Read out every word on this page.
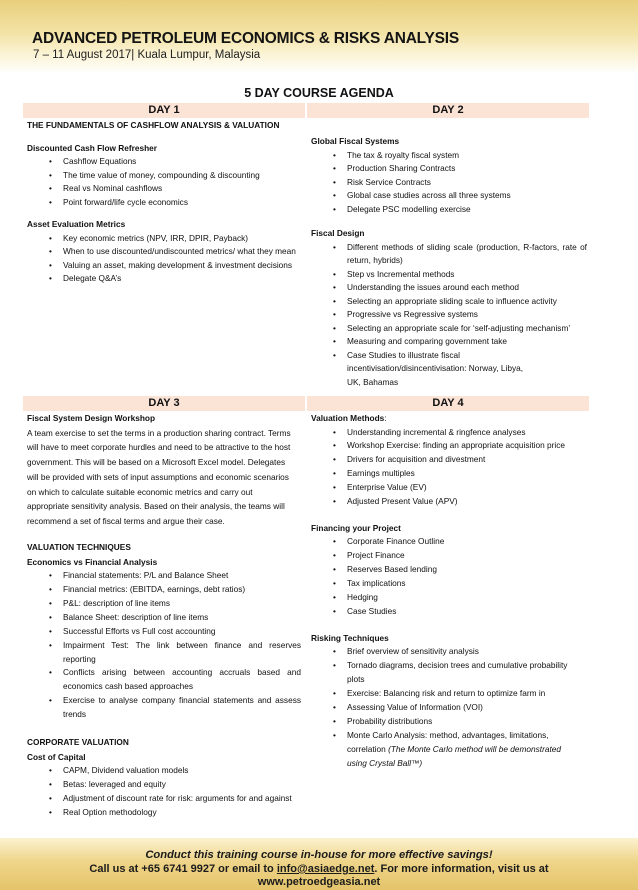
ADVANCED PETROLEUM ECONOMICS & RISKS ANALYSIS
7 – 11 August 2017| Kuala Lumpur, Malaysia
5 DAY COURSE AGENDA
DAY 1	DAY 2
DAY 3	DAY 4
THE FUNDAMENTALS OF CASHFLOW ANALYSIS & VALUATION
Discounted Cash Flow Refresher
• Cashflow Equations
• The time value of money, compounding & discounting
• Real vs Nominal cashflows
• Point forward/life cycle economics
Asset Evaluation Metrics
• Key economic metrics (NPV, IRR, DPIR, Payback)
• When to use discounted/undiscounted metrics/ what they mean
• Valuing an asset, making development & investment decisions
• Delegate Q&A’s
Global Fiscal Systems
• The tax & royalty fiscal system
• Production Sharing Contracts
• Risk Service Contracts
• Global case studies across all three systems
• Delegate PSC modelling exercise
Fiscal Design
• Different methods of sliding scale (production, R-factors, rate of return, hybrids)
• Step vs Incremental methods
• Understanding the issues around each method
• Selecting an appropriate sliding scale to influence activity
• Progressive vs Regressive systems
• Selecting an appropriate scale for ‘self-adjusting mechanism’
• Measuring and comparing government take
• Case Studies to illustrate fiscal incentivisation/disincentivisation: Norway, Libya, UK, Bahamas
Fiscal System Design Workshop
A team exercise to set the terms in a production sharing contract. Terms
will have to meet corporate hurdles and need to be attractive to the host
government. This will be based on a Microsoft Excel model. Delegates
will be provided with sets of input assumptions and economic scenarios
on which to calculate suitable economic metrics and carry out
appropriate sensitivity analysis. Based on their analysis, the teams will
recommend a set of fiscal terms and argue their case.
VALUATION TECHNIQUES
Economics vs Financial Analysis
• Financial statements: P/L and Balance Sheet
• Financial metrics: (EBITDA, earnings, debt ratios)
• P&L: description of line items
• Balance Sheet: description of line items
• Successful Efforts vs Full cost accounting
• Impairment Test: The link between finance and reserves reporting
• Conflicts arising between accounting accruals based and economics cash based approaches
• Exercise to analyse company financial statements and assess trends
CORPORATE VALUATION
Cost of Capital
• CAPM, Dividend valuation models
• Betas: leveraged and equity
• Adjustment of discount rate for risk: arguments for and against
• Real Option methodology
Valuation Methods:
• Understanding incremental & ringfence analyses
• Workshop Exercise: finding an appropriate acquisition price
• Drivers for acquisition and divestment
• Earnings multiples
• Enterprise Value (EV)
• Adjusted Present Value (APV)
Financing your Project
• Corporate Finance Outline
• Project Finance
• Reserves Based lending
• Tax implications
• Hedging
• Case Studies
Risking Techniques
• Brief overview of sensitivity analysis
• Tornado diagrams, decision trees and cumulative probability plots
• Exercise: Balancing risk and return to optimize farm in
• Assessing Value of Information (VOI)
• Probability distributions
• Monte Carlo Analysis: method, advantages, limitations, correlation (The Monte Carlo method will be demonstrated using Crystal Ball™)
Conduct this training course in-house for more effective savings!
Call us at +65 6741 9927 or email to info@asiaedge.net. For more information, visit us at
www.petroedgeasia.net
